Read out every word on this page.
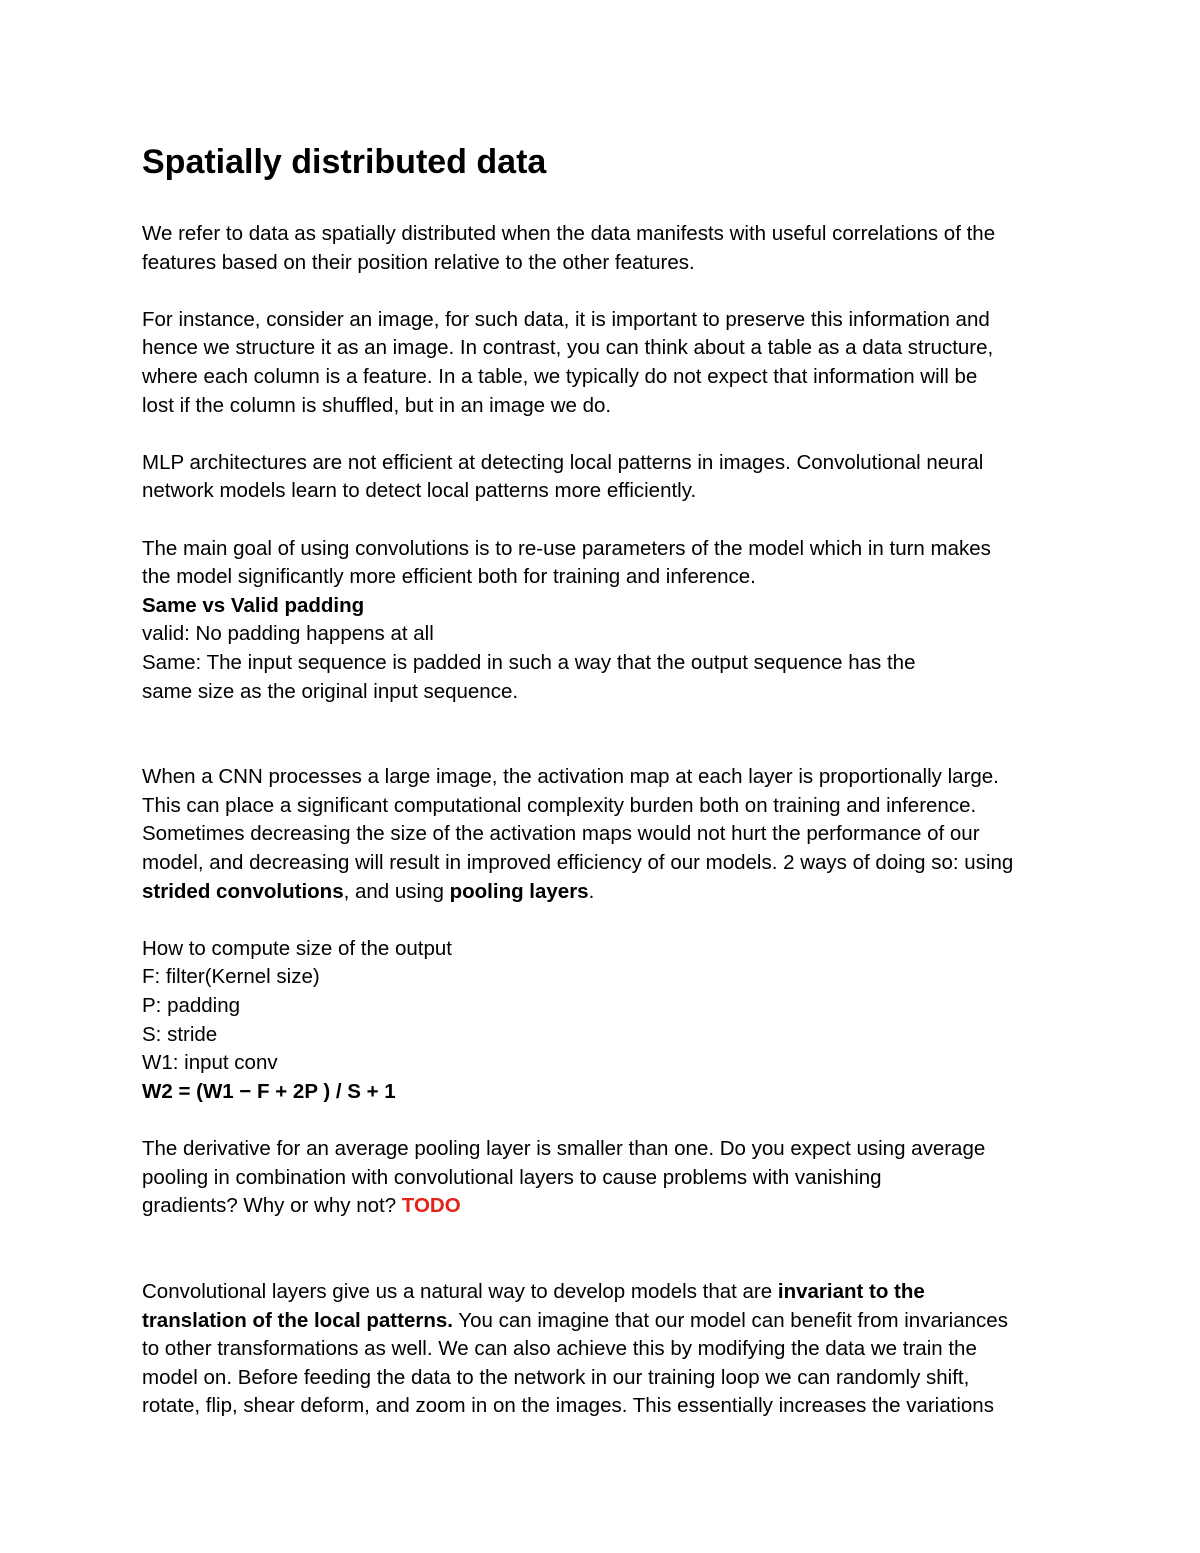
Spatially distributed data

We refer to data as spatially distributed when the data manifests with useful correlations of the
features based on their position relative to the other features.

For instance, consider an image, for such data, it is important to preserve this information and
hence we structure it as an image. In contrast, you can think about a table as a data structure,
where each column is a feature. In a table, we typically do not expect that information will be
lost if the column is shuffled, but in an image we do.

MLP architectures are not efficient at detecting local patterns in images. Convolutional neural
network models learn to detect local patterns more efficiently.

The main goal of using convolutions is to re-use parameters of the model which in turn makes
the model significantly more efficient both for training and inference.

Same vs Valid padding
valid: No padding happens at all
Same: The input sequence is padded in such a way that the output sequence has the
same size as the original input sequence.

When a CNN processes a large image, the activation map at each layer is proportionally large.
This can place a significant computational complexity burden both on training and inference.
Sometimes decreasing the size of the activation maps would not hurt the performance of our
model, and decreasing will result in improved efficiency of our models. 2 ways of doing so: using
strided convolutions, and using pooling layers.

How to compute size of the output
F: filter(Kernel size)
P: padding
S: stride
W1: input conv
W2 = (W1 − F + 2P ) / S + 1

The derivative for an average pooling layer is smaller than one. Do you expect using average
pooling in combination with convolutional layers to cause problems with vanishing
gradients? Why or why not? TODO

Convolutional layers give us a natural way to develop models that are invariant to the
translation of the local patterns. You can imagine that our model can benefit from invariances
to other transformations as well. We can also achieve this by modifying the data we train the
model on. Before feeding the data to the network in our training loop we can randomly shift,
rotate, flip, shear deform, and zoom in on the images. This essentially increases the variations
